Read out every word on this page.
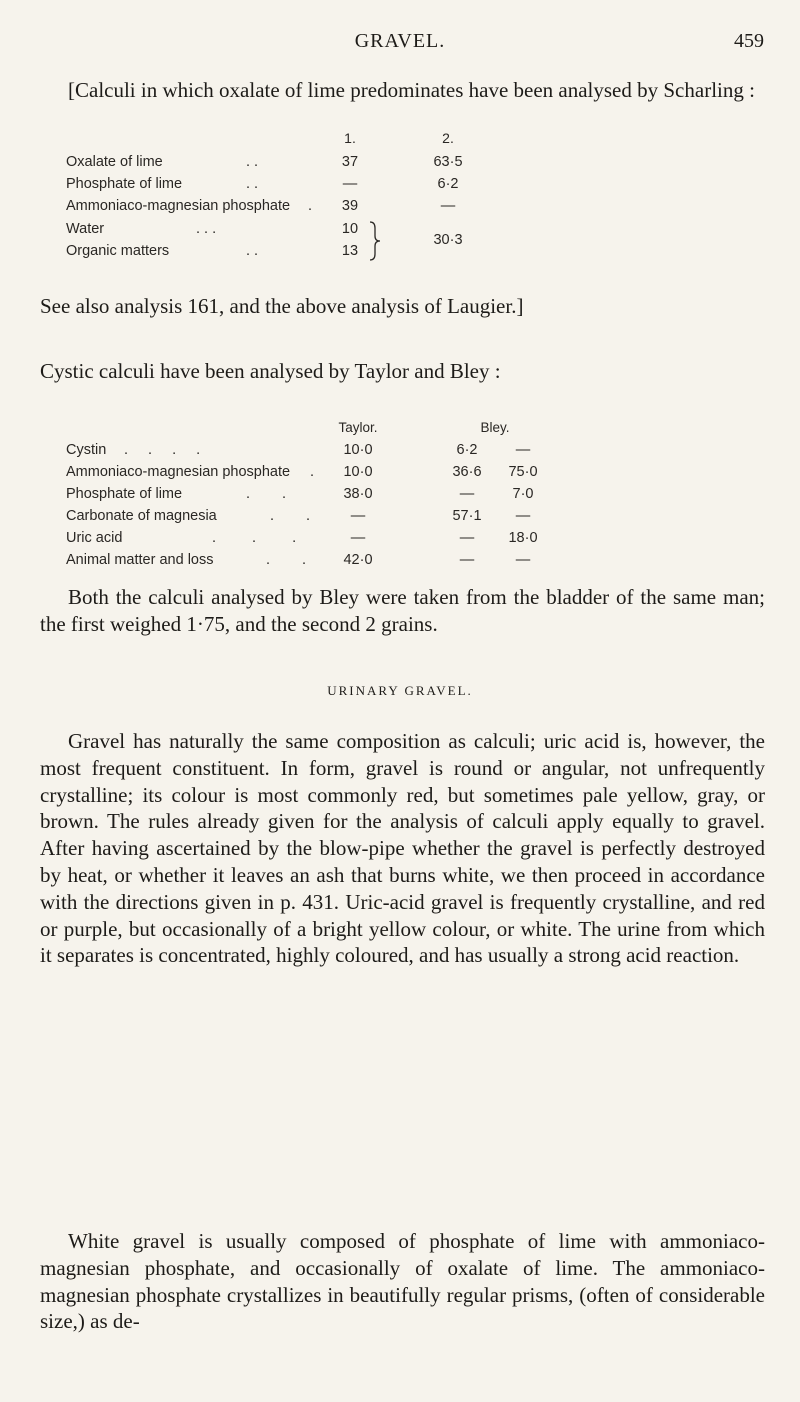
GRAVEL.	459

[Calculi in which oxalate of lime predominates have been analysed by Scharling :

1.	2.
Oxalate of lime	. .	37	63·5
Phosphate of lime	. .	—	6·2
Ammoniaco-magnesian phosphate .	39	—
Water	. . .	10
Organic matters	. .	13
30·3

See also analysis 161, and the above analysis of Laugier.]

Cystic calculi have been analysed by Taylor and Bley :

Taylor.	Bley.
Cystin . . . .	10·0	6·2	—
Ammoniaco-magnesian phosphate .	10·0	36·6	75·0
Phosphate of lime	. .	38·0	—	7·0
Carbonate of magnesia	. .	—	57·1	—
Uric acid	. . .	—	—	18·0
Animal matter and loss	. .	42·0	—	—

Both the calculi analysed by Bley were taken from the bladder of the same man; the first weighed 1·75, and the second 2 grains.

URINARY GRAVEL.

Gravel has naturally the same composition as calculi; uric acid is, however, the most frequent constituent. In form, gravel is round or angular, not unfrequently crystalline; its colour is most commonly red, but sometimes pale yellow, gray, or brown. The rules already given for the analysis of calculi apply equally to gravel. After having ascertained by the blow-pipe whether the gravel is perfectly destroyed by heat, or whether it leaves an ash that burns white, we then proceed in accordance with the directions given in p. 431. Uric-acid gravel is frequently crystalline, and red or purple, but occasionally of a bright yellow colour, or white. The urine from which it separates is concentrated, highly coloured, and has usually a strong acid reaction.

White gravel is usually composed of phosphate of lime with ammoniaco-magnesian phosphate, and occasionally of oxalate of lime. The ammoniaco-magnesian phosphate crystallizes in beautifully regular prisms, (often of considerable size,) as de-
